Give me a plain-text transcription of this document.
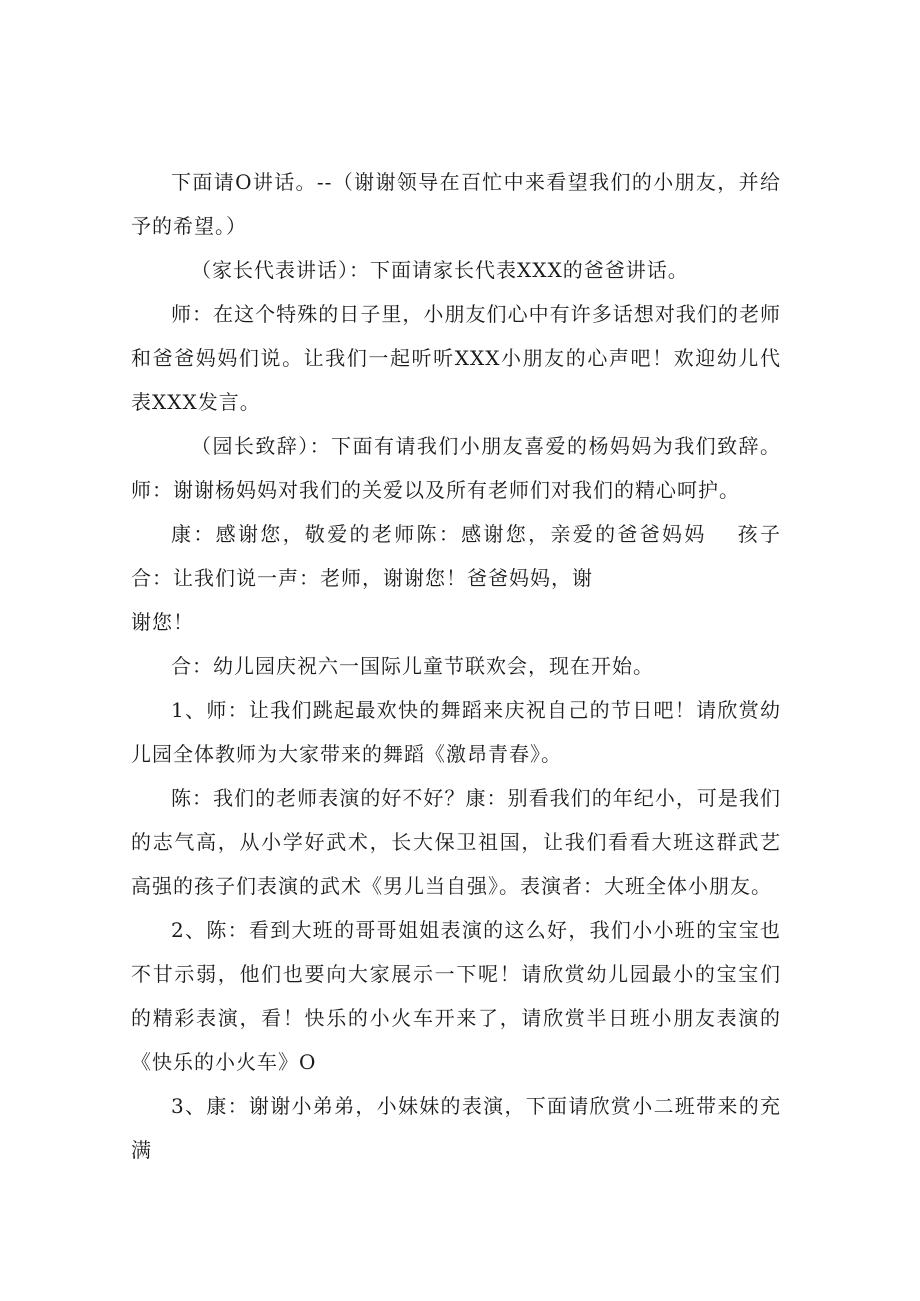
下面请O讲话。--（谢谢领导在百忙中来看望我们的小朋友，并给予的希望。）

（家长代表讲话）：下面请家长代表XXX的爸爸讲话。

师：在这个特殊的日子里，小朋友们心中有许多话想对我们的老师和爸爸妈妈们说。让我们一起听听XXX小朋友的心声吧！欢迎幼儿代表XXX发言。

（园长致辞）：下面有请我们小朋友喜爱的杨妈妈为我们致辞。师：谢谢杨妈妈对我们的关爱以及所有老师们对我们的精心呵护。

康：感谢您，敬爱的老师陈：感谢您，亲爱的爸爸妈妈　 孩子合：让我们说一声：老师，谢谢您！爸爸妈妈，谢

谢您！

合：幼儿园庆祝六一国际儿童节联欢会，现在开始。

1、师：让我们跳起最欢快的舞蹈来庆祝自己的节日吧！请欣赏幼儿园全体教师为大家带来的舞蹈《激昂青春》。

陈：我们的老师表演的好不好？康：别看我们的年纪小，可是我们的志气高，从小学好武术，长大保卫祖国，让我们看看大班这群武艺高强的孩子们表演的武术《男儿当自强》。表演者：大班全体小朋友。

2、陈：看到大班的哥哥姐姐表演的这么好，我们小小班的宝宝也不甘示弱，他们也要向大家展示一下呢！请欣赏幼儿园最小的宝宝们的精彩表演，看！快乐的小火车开来了，请欣赏半日班小朋友表演的《快乐的小火车》O

3、康：谢谢小弟弟，小妹妹的表演，下面请欣赏小二班带来的充满
